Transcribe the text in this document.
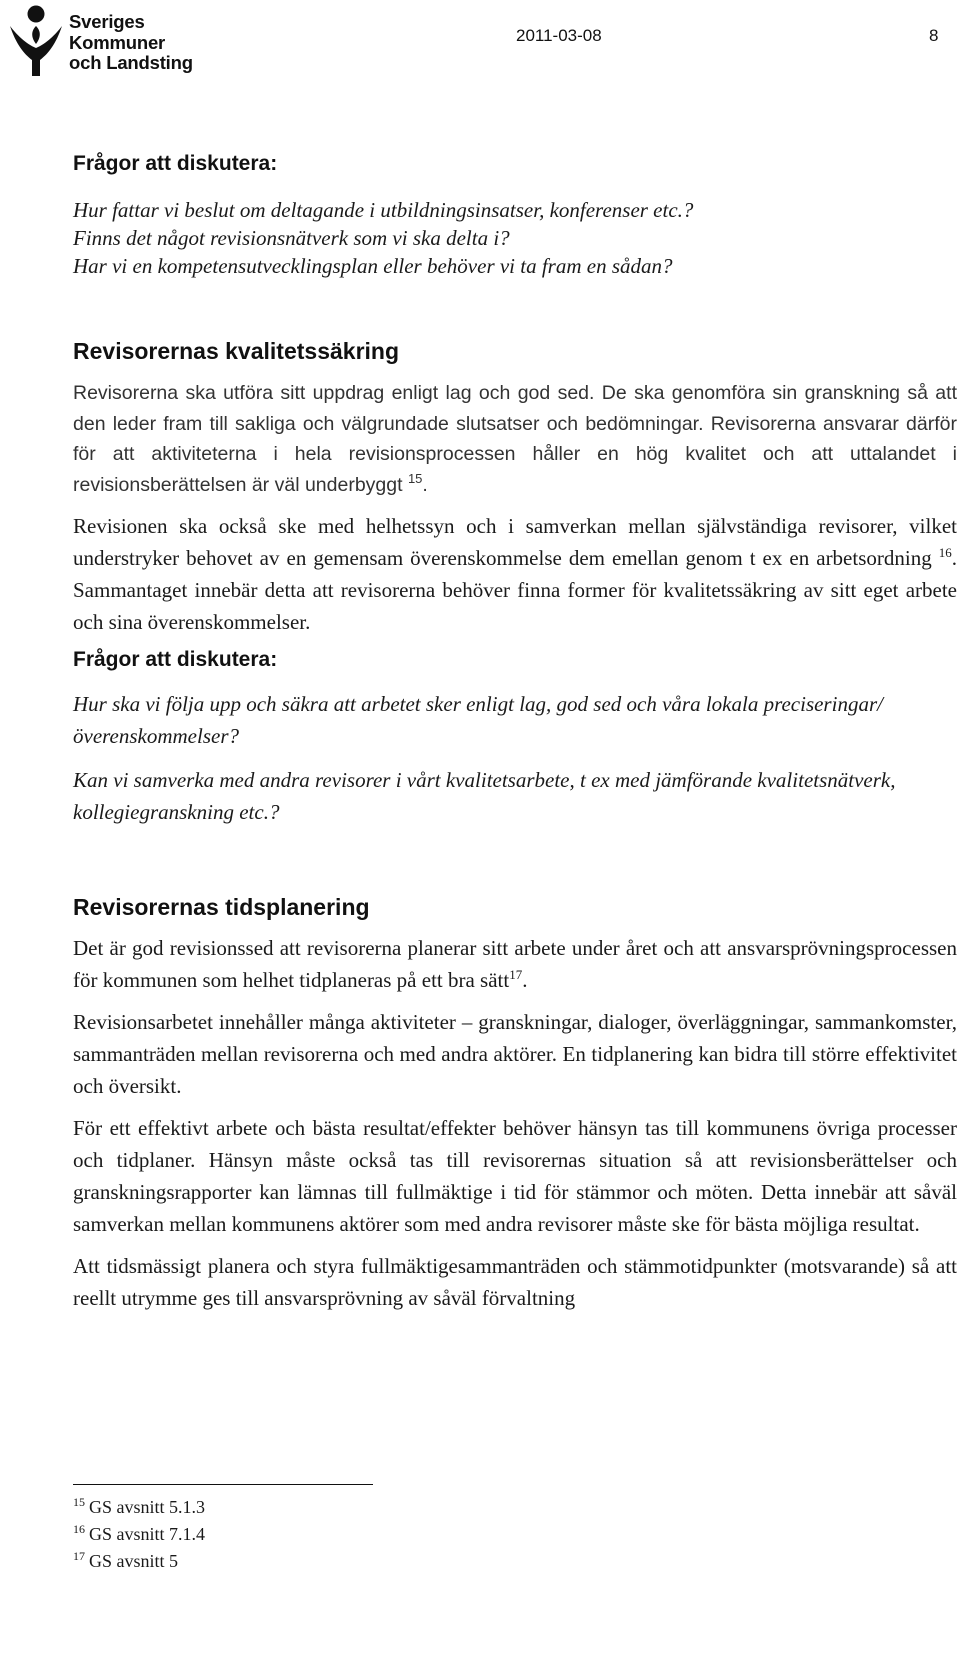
Sveriges
Kommuner
och Landsting
2011-03-08	8
Frågor att diskutera:
Hur fattar vi beslut om deltagande i utbildningsinsatser, konferenser etc.?
Finns det något revisionsnätverk som vi ska delta i?
Har vi en kompetensutvecklingsplan eller behöver vi ta fram en sådan?
Revisorernas kvalitetssäkring

Revisorerna ska utföra sitt uppdrag enligt lag och god sed. De ska genomföra sin granskning så att den leder fram till sakliga och välgrundade slutsatser och bedömningar. Revisorerna ansvarar därför för att aktiviteterna i hela revisionsprocessen håller en hög kvalitet och att uttalandet i revisionsberättelsen är väl underbyggt $^{15}$.

Revisionen ska också ske med helhetssyn och i samverkan mellan självständiga revisorer, vilket understryker behovet av en gemensam överenskommelse dem emellan genom t ex en arbetsordning $^{16}$. Sammantaget innebär detta att revisorerna behöver finna former för kvalitetssäkring av sitt eget arbete och sina överenskommelser.

Frågor att diskutera:

Hur ska vi följa upp och säkra att arbetet sker enligt lag, god sed och våra lokala preciseringar/överenskommelser?

Kan vi samverka med andra revisorer i vårt kvalitetsarbete, t ex med jämförande kvalitetsnätverk, kollegiegranskning etc.?

Revisorernas tidsplanering

Det är god revisionssed att revisorerna planerar sitt arbete under året och att ansvarsprövningsprocessen för kommunen som helhet tidplaneras på ett bra sätt$^{17}$.

Revisionsarbetet innehåller många aktiviteter – granskningar, dialoger, överläggningar, sammankomster, sammanträden mellan revisorerna och med andra aktörer. En tidplanering kan bidra till större effektivitet och översikt.

För ett effektivt arbete och bästa resultat/effekter behöver hänsyn tas till kommunens övriga processer och tidplaner. Hänsyn måste också tas till revisorernas situation så att revisionsberättelser och granskningsrapporter kan lämnas till fullmäktige i tid för stämmor och möten. Detta innebär att såväl samverkan mellan kommunens aktörer som med andra revisorer måste ske för bästa möjliga resultat.

Att tidsmässigt planera och styra fullmäktigesammanträden och stämmotidpunkter (motsvarande) så att reellt utrymme ges till ansvarsprövning av såväl förvaltning

$^{15}$ GS avsnitt 5.1.3
$^{16}$ GS avsnitt 7.1.4
$^{17}$ GS avsnitt 5
